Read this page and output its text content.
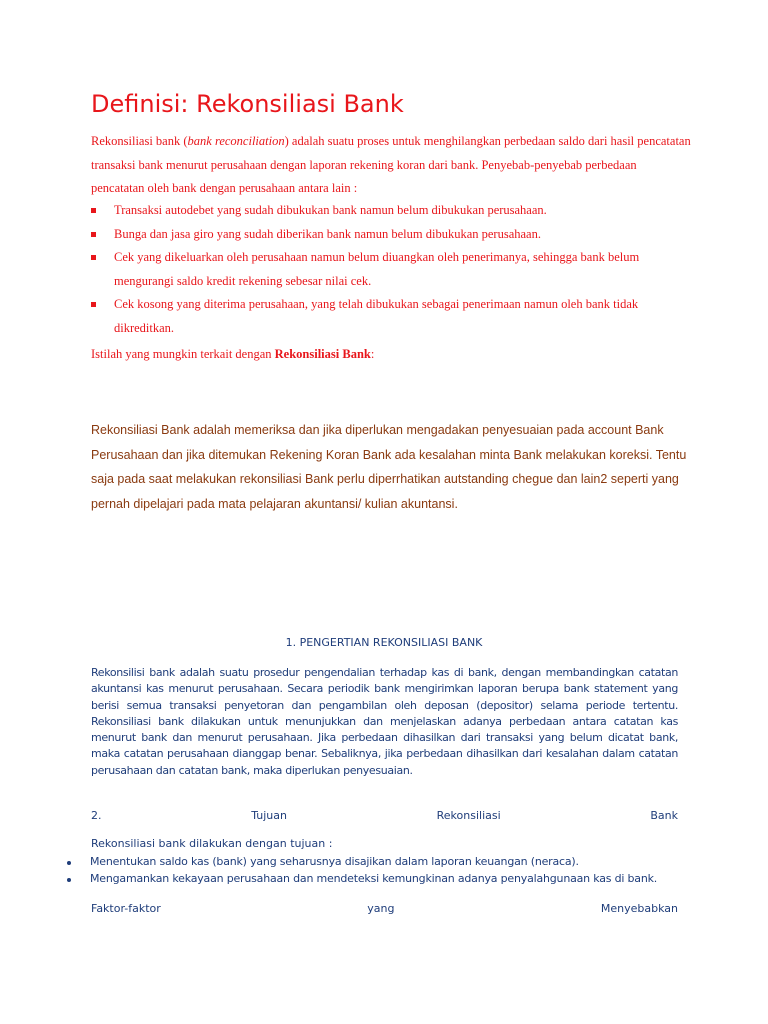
Definisi: Rekonsiliasi Bank
Rekonsiliasi bank (bank reconciliation) adalah suatu proses untuk menghilangkan perbedaan saldo dari hasil pencatatan transaksi bank menurut perusahaan dengan laporan rekening koran dari bank. Penyebab-penyebab perbedaan pencatatan oleh bank dengan perusahaan antara lain :
Transaksi autodebet yang sudah dibukukan bank namun belum dibukukan perusahaan.
Bunga dan jasa giro yang sudah diberikan bank namun belum dibukukan perusahaan.
Cek yang dikeluarkan oleh perusahaan namun belum diuangkan oleh penerimanya, sehingga bank belum mengurangi saldo kredit rekening sebesar nilai cek.
Cek kosong yang diterima perusahaan, yang telah dibukukan sebagai penerimaan namun oleh bank tidak dikreditkan.
Istilah yang mungkin terkait dengan Rekonsiliasi Bank:
Rekonsiliasi Bank adalah memeriksa dan jika diperlukan mengadakan penyesuaian pada account Bank Perusahaan dan jika ditemukan Rekening Koran Bank ada kesalahan minta Bank melakukan koreksi. Tentu saja pada saat melakukan rekonsiliasi Bank perlu diperrhatikan autstanding chegue dan lain2 seperti yang pernah dipelajari pada mata pelajaran akuntansi/ kulian akuntansi.
1. PENGERTIAN REKONSILIASI BANK
Rekonsilisi bank adalah suatu prosedur pengendalian terhadap kas di bank, dengan membandingkan catatan akuntansi kas menurut perusahaan. Secara periodik bank mengirimkan laporan berupa bank statement yang berisi semua transaksi penyetoran dan pengambilan oleh deposan (depositor) selama periode tertentu. Rekonsiliasi bank dilakukan untuk menunjukkan dan menjelaskan adanya perbedaan antara catatan kas menurut bank dan menurut perusahaan. Jika perbedaan dihasilkan dari transaksi yang belum dicatat bank, maka catatan perusahaan dianggap benar. Sebaliknya, jika perbedaan dihasilkan dari kesalahan dalam catatan perusahaan dan catatan bank, maka diperlukan penyesuaian.
2.	Tujuan	Rekonsiliasi	Bank
Rekonsiliasi bank dilakukan dengan tujuan :
Menentukan saldo kas (bank) yang seharusnya disajikan dalam laporan keuangan (neraca).
Mengamankan kekayaan perusahaan dan mendeteksi kemungkinan adanya penyalahgunaan kas di bank.
Faktor-faktor	yang	Menyebabkan
